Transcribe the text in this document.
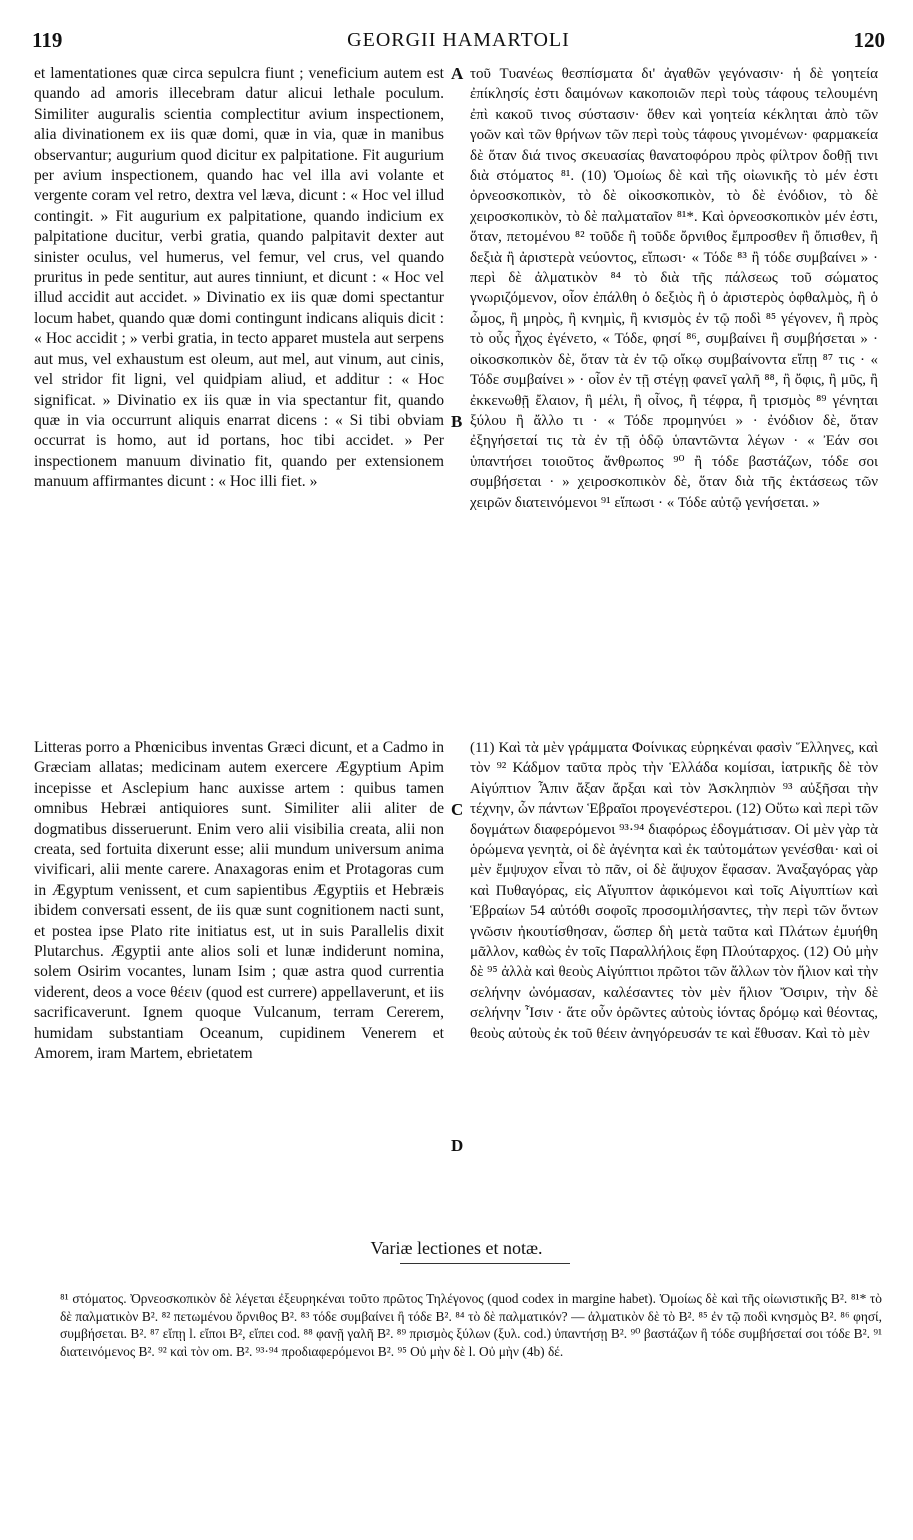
119	GEORGII HAMARTOLI	120

et lamentationes quæ circa sepulcra fiunt ; veneficium autem est quando ad amoris illecebram datur alicui lethale poculum. Similiter auguralis scientia complectitur avium inspectionem, alia divinationem ex iis quæ domi, quæ in via, quæ in manibus observantur; augurium quod dicitur ex palpitatione. Fit augurium per avium inspectionem, quando hac vel illa avi volante et vergente coram vel retro, dextra vel læva, dicunt : « Hoc vel illud contingit. » Fit augurium ex palpitatione, quando indicium ex palpitatione ducitur, verbi gratia, quando palpitavit dexter aut sinister oculus, vel humerus, vel femur, vel crus, vel quando pruritus in pede sentitur, aut aures tinniunt, et dicunt : « Hoc vel illud accidit aut accidet. » Divinatio ex iis quæ domi spectantur locum habet, quando quæ domi contingunt indicans aliquis dicit : « Hoc accidit ; » verbi gratia, in tecto apparet mustela aut serpens aut mus, vel exhaustum est oleum, aut mel, aut vinum, aut cinis, vel stridor fit ligni, vel quidpiam aliud, et additur : « Hoc significat. » Divinatio ex iis quæ in via spectantur fit, quando quæ in via occurrunt aliquis enarrat dicens : « Si tibi obviam occurrat is homo, aut id portans, hoc tibi accidet. » Per inspectionem manuum divinatio fit, quando per extensionem manuum affirmantes dicunt : « Hoc illi fiet. »

A
B

τοῦ Τυανέως θεσπίσματα δι' ἀγαθῶν γεγόνασιν· ἡ δὲ γοητεία ἐπίκλησίς ἐστι δαιμόνων κακοποιῶν περὶ τοὺς τάφους τελουμένη ἐπὶ κακοῦ τινος σύστασιν· ὅθεν καὶ γοητεία κέκληται ἀπὸ τῶν γοῶν καὶ τῶν θρήνων τῶν περὶ τοὺς τάφους γινομένων· φαρμακεία δὲ ὅταν διά τινος σκευασίας θανατοφόρου πρὸς φίλτρον δοθῇ τινι διὰ στόματος ⁸¹. (10) Ὁμοίως δὲ καὶ τῆς οἰωνικῆς τὸ μέν ἐστι ὀρνεοσκοπικὸν, τὸ δὲ οἰκοσκοπικὸν, τὸ δὲ ἐνόδιον, τὸ δὲ χειροσκοπικὸν, τὸ δὲ παλματαῖον ⁸¹*. Καὶ ὀρνεοσκοπικὸν μέν ἐστι, ὅταν, πετομένου ⁸² τοῦδε ἢ τοῦδε ὄρνιθος ἔμπροσθεν ἢ ὄπισθεν, ἢ δεξιὰ ἢ ἀριστερὰ νεύοντος, εἴπωσι· « Τόδε ⁸³ ἢ τόδε συμβαίνει » · περὶ δὲ ἀλματικὸν ⁸⁴ τὸ διὰ τῆς πάλσεως τοῦ σώματος γνωριζόμενον, οἷον ἐπάλθη ὁ δεξιὸς ἢ ὁ ἀριστερὸς ὀφθαλμὸς, ἢ ὁ ὦμος, ἢ μηρὸς, ἢ κνημὶς, ἢ κνισμὸς ἐν τῷ ποδὶ ⁸⁵ γέγονεν, ἢ πρὸς τὸ οὖς ἦχος ἐγένετο, « Τόδε, φησί ⁸⁶, συμβαίνει ἢ συμβήσεται » · οἰκοσκοπικὸν δὲ, ὅταν τὰ ἐν τῷ οἴκῳ συμβαίνοντα εἴπῃ ⁸⁷ τις · « Τόδε συμβαίνει » · οἷον ἐν τῇ στέγῃ φανεῖ γαλῆ ⁸⁸, ἢ ὄφις, ἢ μῦς, ἢ ἐκκενωθῇ ἔλαιον, ἢ μέλι, ἢ οἶνος, ἢ τέφρα, ἢ τρισμὸς ⁸⁹ γένηται ξύλου ἢ ἄλλο τι · « Τόδε προμηνύει » · ἐνόδιον δὲ, ὅταν ἐξηγήσεταί τις τὰ ἐν τῇ ὁδῷ ὑπαντῶντα λέγων · « Ἐάν σοι ὑπαντήσει τοιοῦτος ἄνθρωπος ⁹⁰ ἢ τόδε βαστάζων, τόδε σοι συμβήσεται · » χειροσκοπικὸν δὲ, ὅταν διὰ τῆς ἐκτάσεως τῶν χειρῶν διατεινόμενοι ⁹¹ εἴπωσι · « Τόδε αὐτῷ γενήσεται. »

Litteras porro a Phœnicibus inventas Græci dicunt, et a Cadmo in Græciam allatas; medicinam autem exercere Ægyptium Apim incepisse et Asclepium hanc auxisse artem : quibus tamen omnibus Hebræi antiquiores sunt. Similiter alii aliter de dogmatibus disseruerunt. Enim vero alii visibilia creata, alii non creata, sed fortuita dixerunt esse; alii mundum universum anima vivificari, alii mente carere. Anaxagoras enim et Protagoras cum in Ægyptum venissent, et cum sapientibus Ægyptiis et Hebræis ibidem conversati essent, de iis quæ sunt cognitionem nacti sunt, et postea ipse Plato rite initiatus est, ut in suis Parallelis dixit Plutarchus. Ægyptii ante alios soli et lunæ indiderunt nomina, solem Osirim vocantes, lunam Isim ; quæ astra quod currentia viderent, deos a voce θέειν (quod est currere) appellaverunt, et iis sacrificaverunt. Ignem quoque Vulcanum, terram Cererem, humidam substantiam Oceanum, cupidinem Venerem et Amorem, iram Martem, ebrietatem

C
D

(11) Καὶ τὰ μὲν γράμματα Φοίνικας εὑρηκέναι φασὶν Ἕλληνες, καὶ τὸν ⁹² Κάδμον ταῦτα πρὸς τὴν Ἑλλάδα κομίσαι, ἰατρικῆς δὲ τὸν Αἰγύπτιον Ἆπιν ἄξαν ἄρξαι καὶ τὸν Ἀσκληπιὸν ⁹³ αὐξῆσαι τὴν τέχνην, ὧν πάντων Ἑβραῖοι προγενέστεροι. (12) Οὕτω καὶ περὶ τῶν δογμάτων διαφερόμενοι ⁹³·⁹⁴ διαφόρως ἐδογμάτισαν. Οἱ μὲν γὰρ τὰ ὁρώμενα γενητὰ, οἱ δὲ ἀγένητα καὶ ἐκ ταὐτομάτων γενέσθαι· καὶ οἱ μὲν ἔμψυχον εἶναι τὸ πᾶν, οἱ δὲ ἄψυχον ἔφασαν. Ἀναξαγόρας γὰρ καὶ Πυθαγόρας, εἰς Αἴγυπτον ἀφικόμενοι καὶ τοῖς Αἰγυπτίων καὶ Ἑβραίων 54 αὐτόθι σοφοῖς προσομιλήσαντες, τὴν περὶ τῶν ὄντων γνῶσιν ἠκουτίσθησαν, ὥσπερ δὴ μετὰ ταῦτα καὶ Πλάτων ἐμυήθη μᾶλλον, καθὼς ἐν τοῖς Παραλλήλοις ἔφη Πλούταρχος. (12) Οὐ μὴν δὲ ⁹⁵ ἀλλὰ καὶ θεοὺς Αἰγύπτιοι πρῶτοι τῶν ἄλλων τὸν ἥλιον καὶ τὴν σελήνην ὠνόμασαν, καλέσαντες τὸν μὲν ἥλιον Ὄσιριν, τὴν δὲ σελήνην Ἶσιν · ἅτε οὖν ὁρῶντες αὐτοὺς ἰόντας δρόμῳ καὶ θέοντας, θεοὺς αὐτοὺς ἐκ τοῦ θέειν ἀνηγόρευσάν τε καὶ ἔθυσαν. Καὶ τὸ μὲν

Variæ lectiones et notæ.

⁸¹ στόματος. Ὀρνεοσκοπικὸν δὲ λέγεται ἐξευρηκέναι τοῦτο πρῶτος Τηλέγονος (quod codex in margine habet). Ὁμοίως δὲ καὶ τῆς οἰωνιστικῆς B². ⁸¹* τὸ δὲ παλματικὸν B². ⁸² πετωμένου ὄρνιθος B². ⁸³ τόδε συμβαίνει ἢ τόδε B². ⁸⁴ τὸ δὲ παλματικόν? — ἀλματικὸν δὲ τὸ B². ⁸⁵ ἐν τῷ ποδὶ κνησμὸς B². ⁸⁶ φησί, συμβήσεται. B². ⁸⁷ εἴπῃ l. εἴποι B², εἴπει cod. ⁸⁸ φανῇ γαλῆ B². ⁸⁹ πρισμὸς ξύλων (ξυλ. cod.) ὑπαντήσῃ B². ⁹⁰ βαστάζων ἢ τόδε συμβήσεταί σοι τόδε B². ⁹¹ διατεινόμενος B². ⁹² καὶ τὸν om. B². ⁹³·⁹⁴ προδιαφερόμενοι B². ⁹⁵ Οὐ μὴν δὲ l. Οὐ μὴν (4b) δέ.
